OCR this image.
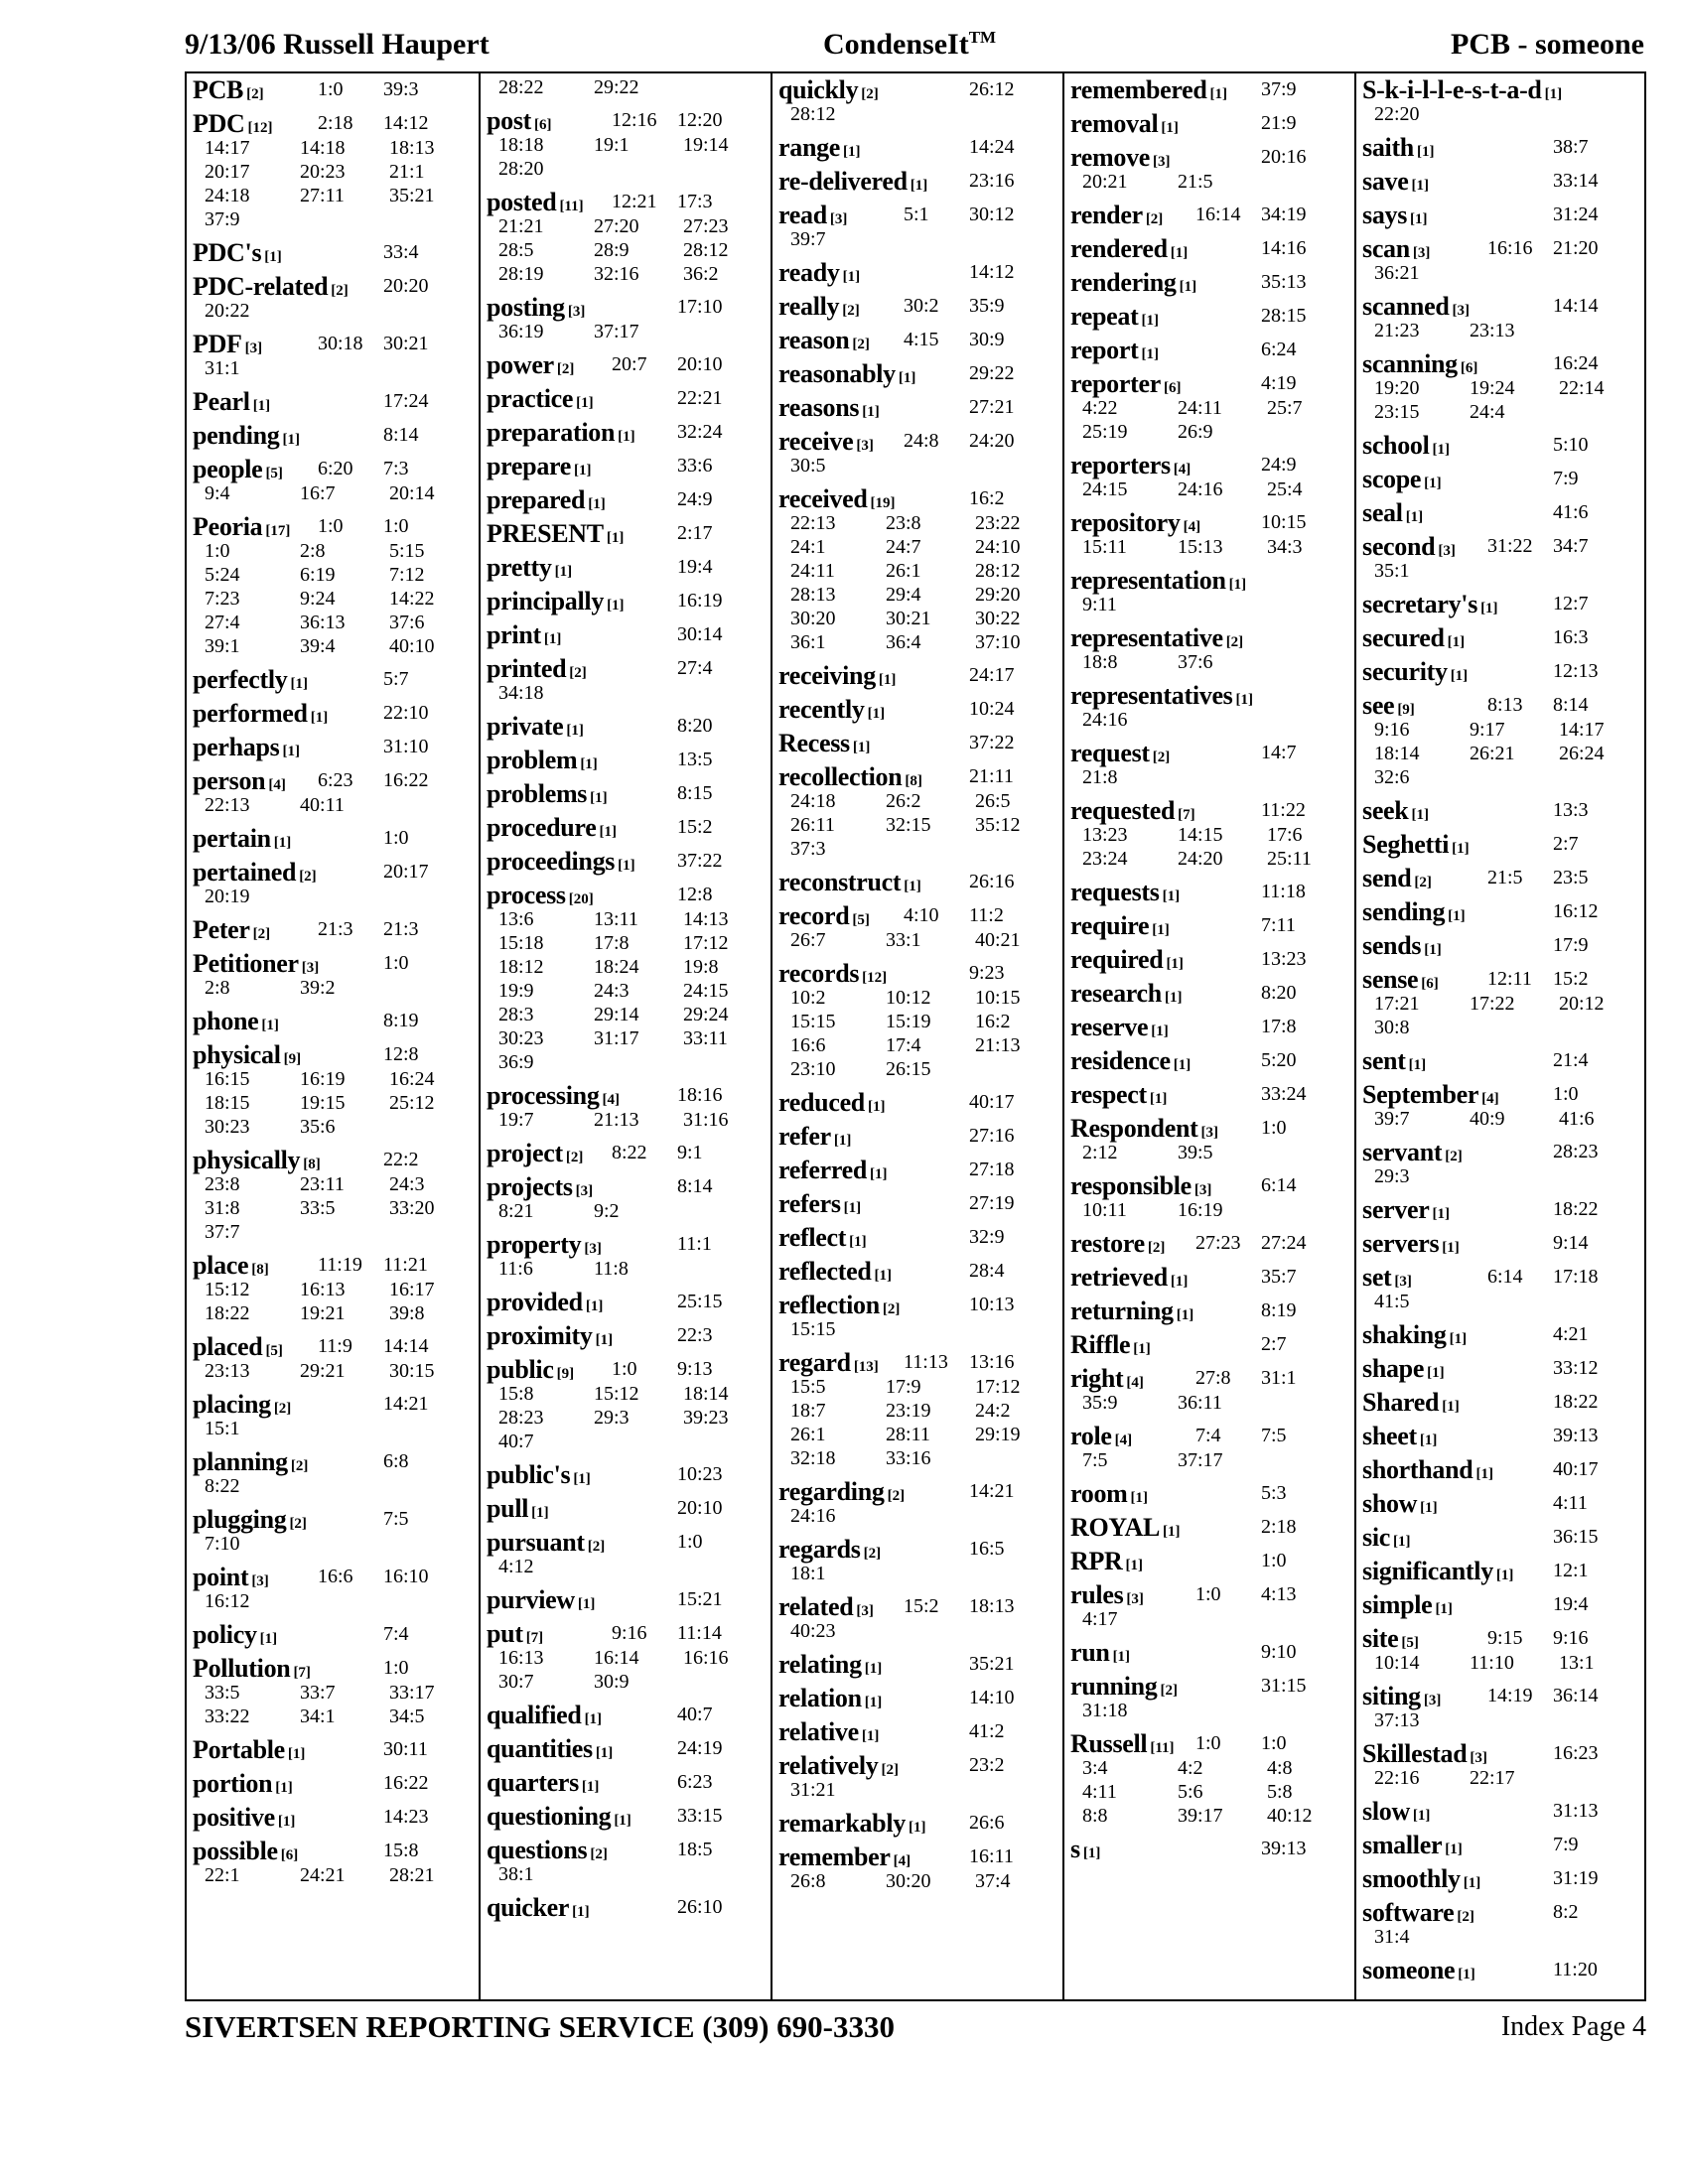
9/13/06 Russell Haupert	CondenseIt™	PCB - someone
PCB [2]	1:0 39:3
PDC [12] 2:18 14:12
14:17	14:18 18:13
20:17	20:23 21:1
24:18	27:11 35:21
37:9
PDC's [1]	33:4
PDC-related [2] 20:20
20:22
PDF [3]	30:18 30:21
31:1
Pearl [1]	17:24
pending [1]	8:14
people [5] 6:20 7:3
9:4	16:7	20:14
Peoria [17] 1:0 1:0
1:0	2:8	5:15
5:24	6:19	7:12
7:23	9:24	14:22
27:4	36:13 37:6
39:1	39:4	40:10
perfectly [1]	5:7
performed [1]	22:10
perhaps [1]	31:10
person [4] 6:23 16:22
22:13	40:11
pertain [1]	1:0
pertained [2]	20:17
20:19
Peter [2] 21:3 21:3
Petitioner [3]	1:0
2:8	39:2
phone [1]	8:19
physical [9]	12:8
16:15	16:19 16:24
18:15	19:15 25:12
30:23	35:6
physically [8]	22:2
23:8	23:11 24:3
31:8	33:5	33:20
37:7
place [8] 11:19 11:21
15:12	16:13 16:17
18:22	19:21 39:8
placed [5] 11:9 14:14
23:13	29:21 30:15
placing [2]	14:21
15:1
planning [2]	6:8
8:22
plugging [2]	7:5
7:10
point [3] 16:6 16:10
16:12
policy [1]	7:4
Pollution [7]	1:0
33:5	33:7	33:17
33:22	34:1	34:5
Portable [1]	30:11
portion [1]	16:22
positive [1]	14:23
possible [6]	15:8
22:1	24:21 28:21
28:22	29:22
post [6]	12:16 12:20
18:18	19:1	19:14
28:20
posted [11] 12:21 17:3
21:21	27:20 27:23
28:5	28:9	28:12
28:19	32:16 36:2
posting [3]	17:10
36:19	37:17
power [2] 20:7 20:10
practice [1]	22:21
preparation [1] 32:24
prepare [1]	33:6
prepared [1]	24:9
PRESENT [1]	2:17
pretty [1]	19:4
principally [1]	16:19
print [1]	30:14
printed [2]	27:4
34:18
private [1]	8:20
problem [1]	13:5
problems [1]	8:15
procedure [1]	15:2
proceedings [1] 37:22
process [20]	12:8
13:6	13:11 14:13
15:18	17:8	17:12
18:12	18:24 19:8
19:9	24:3	24:15
28:3	29:14 29:24
30:23	31:17 33:11
36:9
processing [4]	18:16
19:7	21:13 31:16
project [2] 8:22 9:1
projects [3]	8:14
8:21	9:2
property [3]	11:1
11:6	11:8
provided [1]	25:15
proximity [1]	22:3
public [9] 1:0 9:13
15:8	15:12 18:14
28:23	29:3	39:23
40:7
public's [1]	10:23
pull [1]	20:10
pursuant [2]	1:0
4:12
purview [1]	15:21
put [7]	9:16 11:14
16:13	16:14 16:16
30:7	30:9
qualified [1]	40:7
quantities [1]	24:19
quarters [1]	6:23
questioning [1] 33:15
questions [2]	18:5
38:1
quicker [1]	26:10
quickly [2]	26:12
28:12
range [1]	14:24
re-delivered [1] 23:16
read [3]	5:1 30:12
39:7
ready [1]	14:12
really [2] 30:2 35:9
reason [2] 4:15 30:9
reasonably [1]	29:22
reasons [1]	27:21
receive [3] 24:8 24:20
30:5
received [19]	16:2
22:13	23:8	23:22
24:1	24:7	24:10
24:11	26:1	28:12
28:13	29:4	29:20
30:20	30:21 30:22
36:1	36:4	37:10
receiving [1]	24:17
recently [1]	10:24
Recess [1]	37:22
recollection [8] 21:11
24:18	26:2	26:5
26:11	32:15 35:12
37:3
reconstruct [1] 26:16
record [5] 4:10 11:2
26:7	33:1	40:21
records [12]	9:23
10:2	10:12 10:15
15:15	15:19 16:2
16:6	17:4	21:13
23:10	26:15
reduced [1]	40:17
refer [1]	27:16
referred [1]	27:18
refers [1]	27:19
reflect [1]	32:9
reflected [1]	28:4
reflection [2]	10:13
15:15
regard [13] 11:13 13:16
15:5	17:9	17:12
18:7	23:19 24:2
26:1	28:11 29:19
32:18	33:16
regarding [2]	14:21
24:16
regards [2]	16:5
18:1
related [3] 15:2 18:13
40:23
relating [1]	35:21
relation [1]	14:10
relative [1]	41:2
relatively [2]	23:2
31:21
remarkably [1] 26:6
remember [4]	16:11
26:8	30:20 37:4
remembered [1] 37:9
removal [1]	21:9
remove [3]	20:16
20:21	21:5
render [2] 16:14 34:19
rendered [1]	14:16
rendering [1]	35:13
repeat [1]	28:15
report [1]	6:24
reporter [6]	4:19
4:22	24:11 25:7
25:19	26:9
reporters [4]	24:9
24:15	24:16 25:4
repository [4]	10:15
15:11	15:13 34:3
representation [1]
9:11
representative [2]
18:8	37:6
representatives [1]
24:16
request [2]	14:7
21:8
requested [7]	11:22
13:23	14:15 17:6
23:24	24:20 25:11
requests [1]	11:18
require [1]	7:11
required [1]	13:23
research [1]	8:20
reserve [1]	17:8
residence [1]	5:20
respect [1]	33:24
Respondent [3] 1:0
2:12	39:5
responsible [3] 6:14
10:11	16:19
restore [2] 27:23 27:24
retrieved [1]	35:7
returning [1]	8:19
Riffle [1]	2:7
right [4]	27:8 31:1
35:9	36:11
role [4]	7:4 7:5
7:5	37:17
room [1]	5:3
ROYAL [1]	2:18
RPR [1]	1:0
rules [3]	1:0 4:13
4:17
run [1]	9:10
running [2]	31:15
31:18
Russell [11] 1:0 1:0
3:4	4:2	4:8
4:11	5:6	5:8
8:8	39:17 40:12
s [1]	39:13
S-k-i-l-l-e-s-t-a-d [1]
22:20
saith [1]	38:7
save [1]	33:14
says [1]	31:24
scan [3]	16:16 21:20
36:21
scanned [3]	14:14
21:23	23:13
scanning [6]	16:24
19:20	19:24 22:14
23:15	24:4
school [1]	5:10
scope [1]	7:9
seal [1]	41:6
second [3] 31:22 34:7
35:1
secretary's [1]	12:7
secured [1]	16:3
security [1]	12:13
see [9]	8:13 8:14
9:16	9:17	14:17
18:14	26:21 26:24
32:6
seek [1]	13:3
Seghetti [1]	2:7
send [2]	21:5 23:5
sending [1]	16:12
sends [1]	17:9
sense [6] 12:11 15:2
17:21	17:22 20:12
30:8
sent [1]	21:4
September [4]	1:0
39:7	40:9	41:6
servant [2]	28:23
29:3
server [1]	18:22
servers [1]	9:14
set [3]	6:14 17:18
41:5
shaking [1]	4:21
shape [1]	33:12
Shared [1]	18:22
sheet [1]	39:13
shorthand [1]	40:17
show [1]	4:11
sic [1]	36:15
significantly [1] 12:1
simple [1]	19:4
site [5]	9:15 9:16
10:14	11:10 13:1
siting [3] 14:19 36:14
37:13
Skillestad [3]	16:23
22:16	22:17
slow [1]	31:13
smaller [1]	7:9
smoothly [1]	31:19
software [2]	8:2
31:4
someone [1]	11:20
SIVERTSEN REPORTING SERVICE (309) 690-3330	Index Page 4
